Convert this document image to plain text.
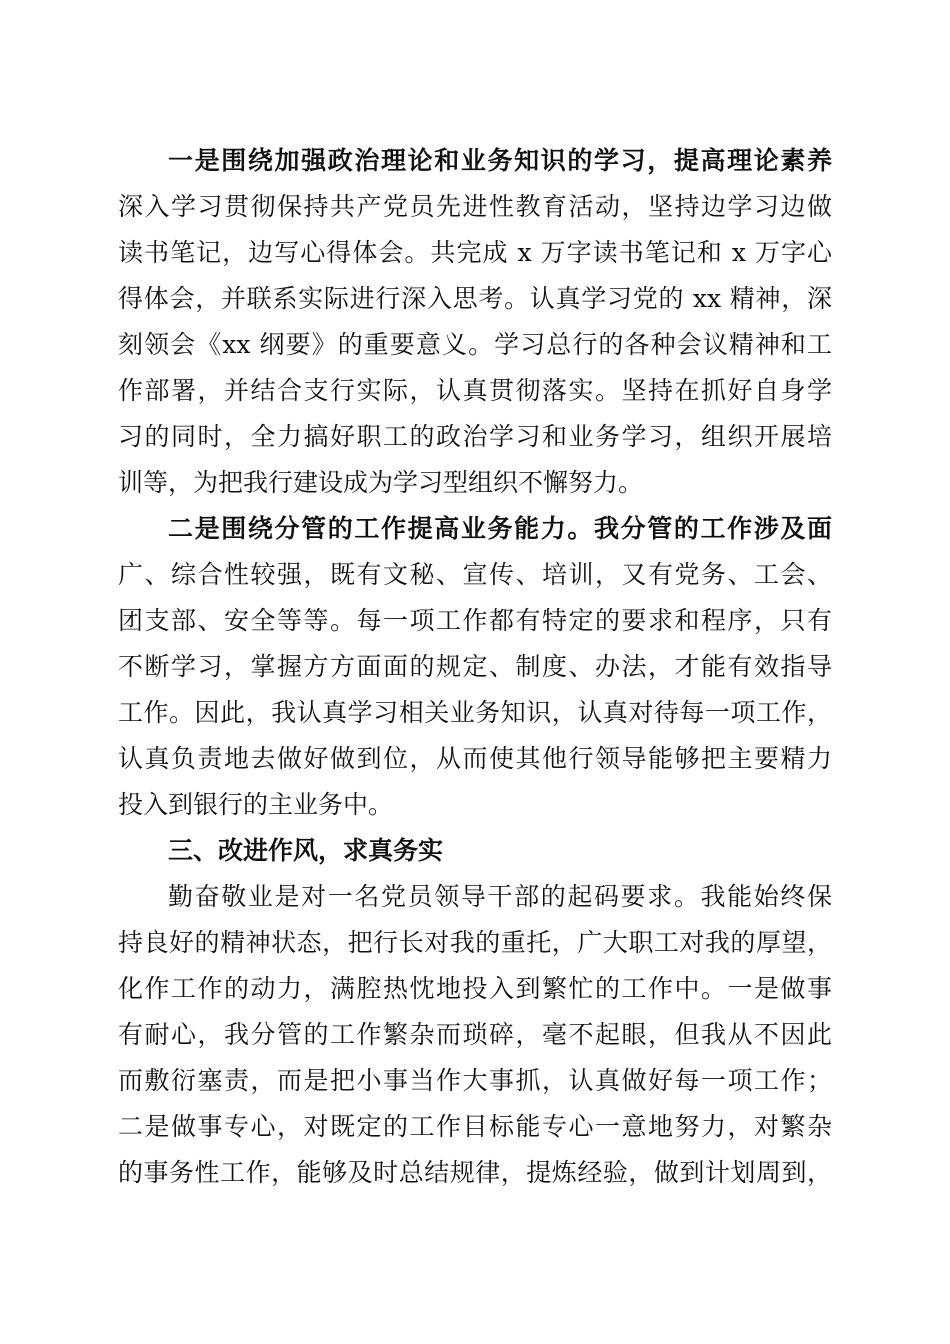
一是围绕加强政治理论和业务知识的学习，提高理论素养
深入学习贯彻保持共产党员先进性教育活动，坚持边学习边做
读书笔记，边写心得体会。共完成 x 万字读书笔记和 x 万字心
得体会，并联系实际进行深入思考。认真学习党的 xx 精神，深
刻领会《xx 纲要》的重要意义。学习总行的各种会议精神和工
作部署，并结合支行实际，认真贯彻落实。坚持在抓好自身学
习的同时，全力搞好职工的政治学习和业务学习，组织开展培
训等，为把我行建设成为学习型组织不懈努力。
二是围绕分管的工作提高业务能力。我分管的工作涉及面
广、综合性较强，既有文秘、宣传、培训，又有党务、工会、
团支部、安全等等。每一项工作都有特定的要求和程序，只有
不断学习，掌握方方面面的规定、制度、办法，才能有效指导
工作。因此，我认真学习相关业务知识，认真对待每一项工作，
认真负责地去做好做到位，从而使其他行领导能够把主要精力
投入到银行的主业务中。
三、改进作风，求真务实
勤奋敬业是对一名党员领导干部的起码要求。我能始终保
持良好的精神状态，把行长对我的重托，广大职工对我的厚望，
化作工作的动力，满腔热忱地投入到繁忙的工作中。一是做事
有耐心，我分管的工作繁杂而琐碎，毫不起眼，但我从不因此
而敷衍塞责，而是把小事当作大事抓，认真做好每一项工作；
二是做事专心，对既定的工作目标能专心一意地努力，对繁杂
的事务性工作，能够及时总结规律，提炼经验，做到计划周到，
